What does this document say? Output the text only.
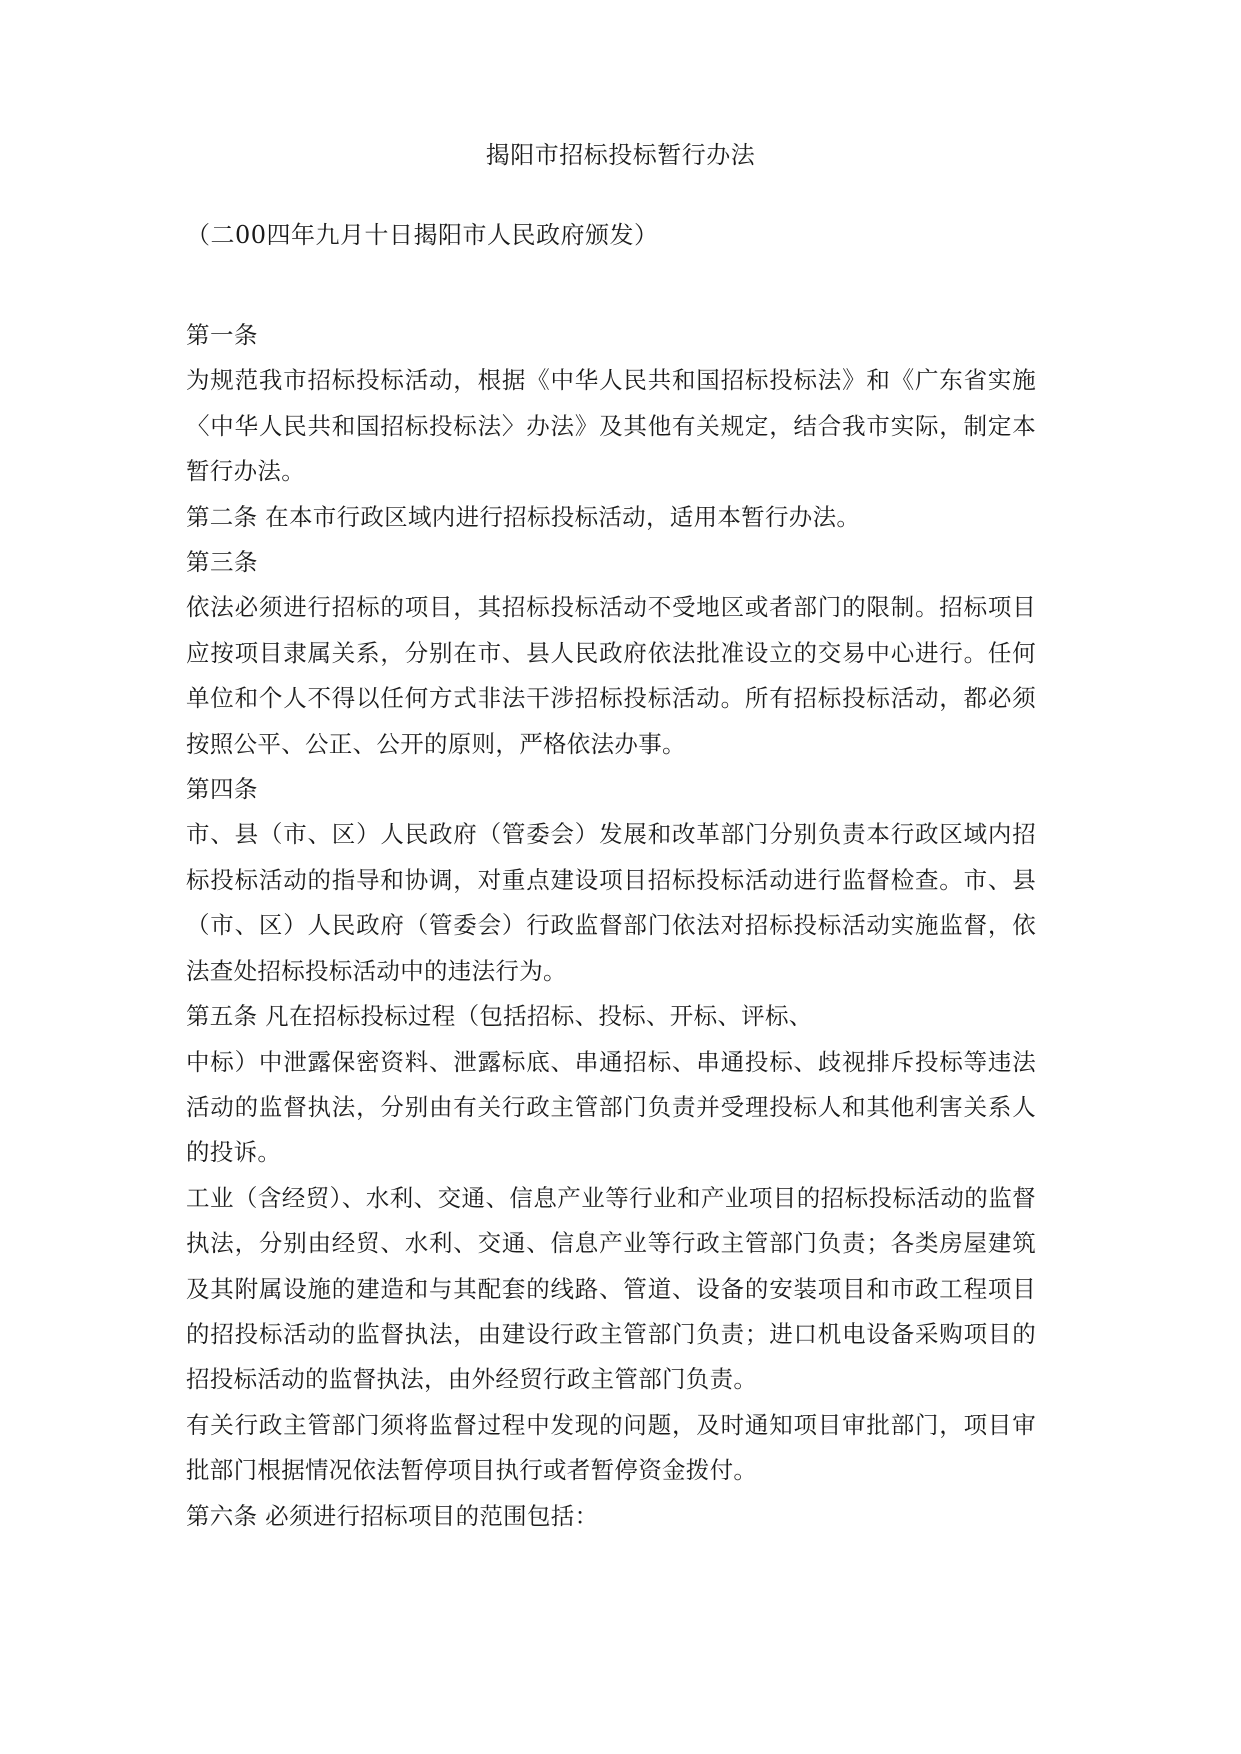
揭阳市招标投标暂行办法
（二00四年九月十日揭阳市人民政府颁发）

第一条

为规范我市招标投标活动，根据《中华人民共和国招标投标法》和《广东省实施〈中华人民共和国招标投标法〉办法》及其他有关规定，结合我市实际，制定本暂行办法。

第二条 在本市行政区域内进行招标投标活动，适用本暂行办法。

第三条

依法必须进行招标的项目，其招标投标活动不受地区或者部门的限制。招标项目应按项目隶属关系，分别在市、县人民政府依法批准设立的交易中心进行。任何单位和个人不得以任何方式非法干涉招标投标活动。所有招标投标活动，都必须按照公平、公正、公开的原则，严格依法办事。

第四条

市、县（市、区）人民政府（管委会）发展和改革部门分别负责本行政区域内招标投标活动的指导和协调，对重点建设项目招标投标活动进行监督检查。市、县（市、区）人民政府（管委会）行政监督部门依法对招标投标活动实施监督，依法查处招标投标活动中的违法行为。

第五条 凡在招标投标过程（包括招标、投标、开标、评标、

中标）中泄露保密资料、泄露标底、串通招标、串通投标、歧视排斥投标等违法活动的监督执法，分别由有关行政主管部门负责并受理投标人和其他利害关系人的投诉。

工业（含经贸）、水利、交通、信息产业等行业和产业项目的招标投标活动的监督执法，分别由经贸、水利、交通、信息产业等行政主管部门负责；各类房屋建筑及其附属设施的建造和与其配套的线路、管道、设备的安装项目和市政工程项目的招投标活动的监督执法，由建设行政主管部门负责；进口机电设备采购项目的招投标活动的监督执法，由外经贸行政主管部门负责。

有关行政主管部门须将监督过程中发现的问题，及时通知项目审批部门，项目审批部门根据情况依法暂停项目执行或者暂停资金拨付。

第六条 必须进行招标项目的范围包括：
